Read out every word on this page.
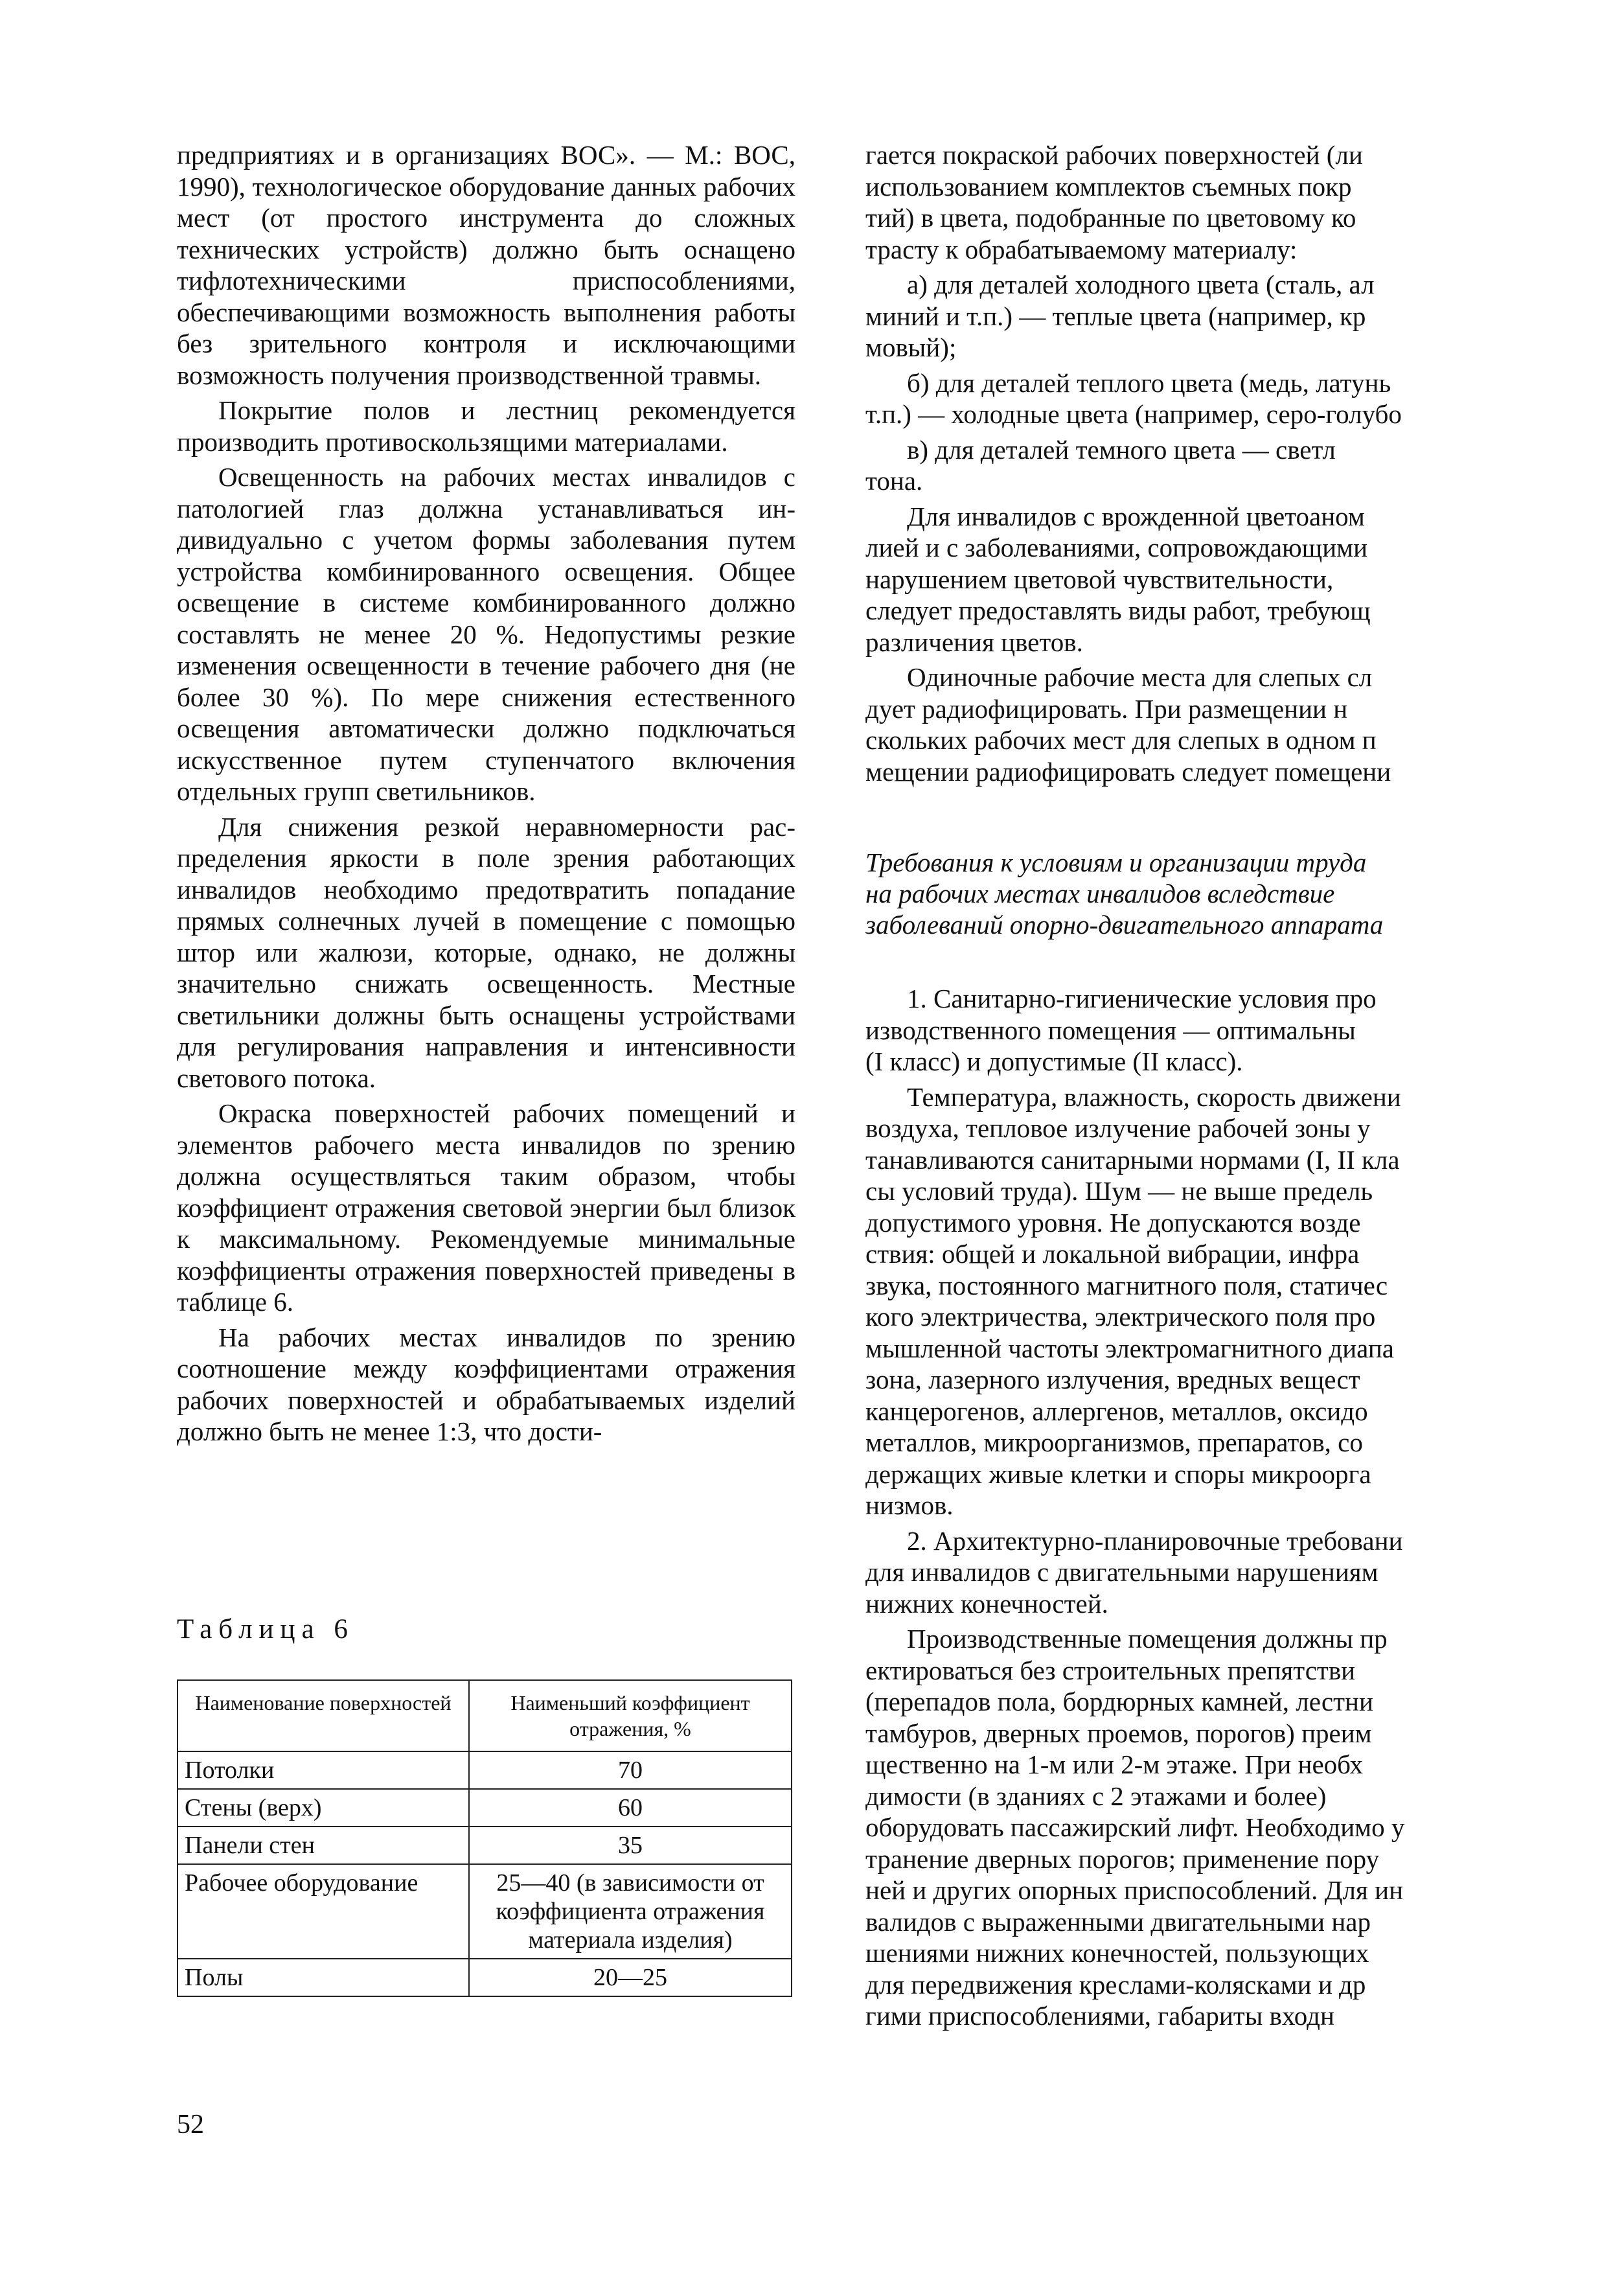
предприятиях и в организациях ВОС». — М.: ВОС, 1990), технологическое оборудование данных рабочих мест (от простого инструмента до сложных технических устройств) должно быть оснащено тифлотехническими приспособлениями, обеспечивающими возможность выполнения работы без зрительного контроля и исключающими возможность получения производственной травмы.

Покрытие полов и лестниц рекомендуется производить противоскользящими материалами.

Освещенность на рабочих местах инвалидов с патологией глаз должна устанавливаться индивидуально с учетом формы заболевания путем устройства комбинированного освещения. Общее освещение в системе комбинированного должно составлять не менее 20 %. Недопустимы резкие изменения освещенности в течение рабочего дня (не более 30 %). По мере снижения естественного освещения автоматически должно подключаться искусственное путем ступенчатого включения отдельных групп светильников.

Для снижения резкой неравномерности распределения яркости в поле зрения работающих инвалидов необходимо предотвратить попадание прямых солнечных лучей в помещение с помощью штор или жалюзи, которые, однако, не должны значительно снижать освещенность. Местные светильники должны быть оснащены устройствами для регулирования направления и интенсивности светового потока.

Окраска поверхностей рабочих помещений и элементов рабочего места инвалидов по зрению должна осуществляться таким образом, чтобы коэффициент отражения световой энергии был близок к максимальному. Рекомендуемые минимальные коэффициенты отражения поверхностей приведены в таблице 6.

На рабочих местах инвалидов по зрению соотношение между коэффициентами отражения рабочих поверхностей и обрабатываемых изделий должно быть не менее 1:3, что дости-

Таблица 6
Наименование поверхностей	Наименьший коэффициент отражения, %
Потолки	70
Стены (верх)	60
Панели стен	35
Рабочее оборудование	25—40 (в зависимости от коэффициента отражения материала изделия)
Полы	20—25
52

гается покраской рабочих поверхностей (ли

использованием комплектов съемных покр

тий) в цвета, подобранные по цветовому ко

трасту к обрабатываемому материалу:

а) для деталей холодного цвета (сталь, ал

миний и т.п.) — теплые цвета (например, кр

мовый);

б) для деталей теплого цвета (медь, латунь

т.п.) — холодные цвета (например, серо-голубо

в) для деталей темного цвета — светл

тона.

Для инвалидов с врожденной цветоаном

лией и с заболеваниями, сопровождающими

нарушением цветовой чувствительности,

следует предоставлять виды работ, требующ

различения цветов.

Одиночные рабочие места для слепых сл

дует радиофицировать. При размещении н

скольких рабочих мест для слепых в одном п

мещении радиофицировать следует помещени

Требования к условиям и организации труда

на рабочих местах инвалидов вследствие

заболеваний опорно-двигательного аппарата

1. Санитарно-гигиенические условия про

изводственного помещения — оптимальны

(I класс) и допустимые (II класс).

Температура, влажность, скорость движени

воздуха, тепловое излучение рабочей зоны у

танавливаются санитарными нормами (I, II кла

сы условий труда). Шум — не выше предель

допустимого уровня. Не допускаются возде

ствия: общей и локальной вибрации, инфра

звука, постоянного магнитного поля, статичес

кого электричества, электрического поля про

мышленной частоты электромагнитного диапа

зона, лазерного излучения, вредных вещест

канцерогенов, аллергенов, металлов, оксидо

металлов, микроорганизмов, препаратов, со

держащих живые клетки и споры микроорга

низмов.

2. Архитектурно-планировочные требовани

для инвалидов с двигательными нарушениям

нижних конечностей.

Производственные помещения должны пр

ектироваться без строительных препятстви

(перепадов пола, бордюрных камней, лестни

тамбуров, дверных проемов, порогов) преим

щественно на 1-м или 2-м этаже. При необх

димости (в зданиях с 2 этажами и более)

оборудовать пассажирский лифт. Необходимо у

транение дверных порогов; применение пору

ней и других опорных приспособлений. Для ин

валидов с выраженными двигательными нар

шениями нижних конечностей, пользующих

для передвижения креслами-колясками и др

гими приспособлениями, габариты входн
